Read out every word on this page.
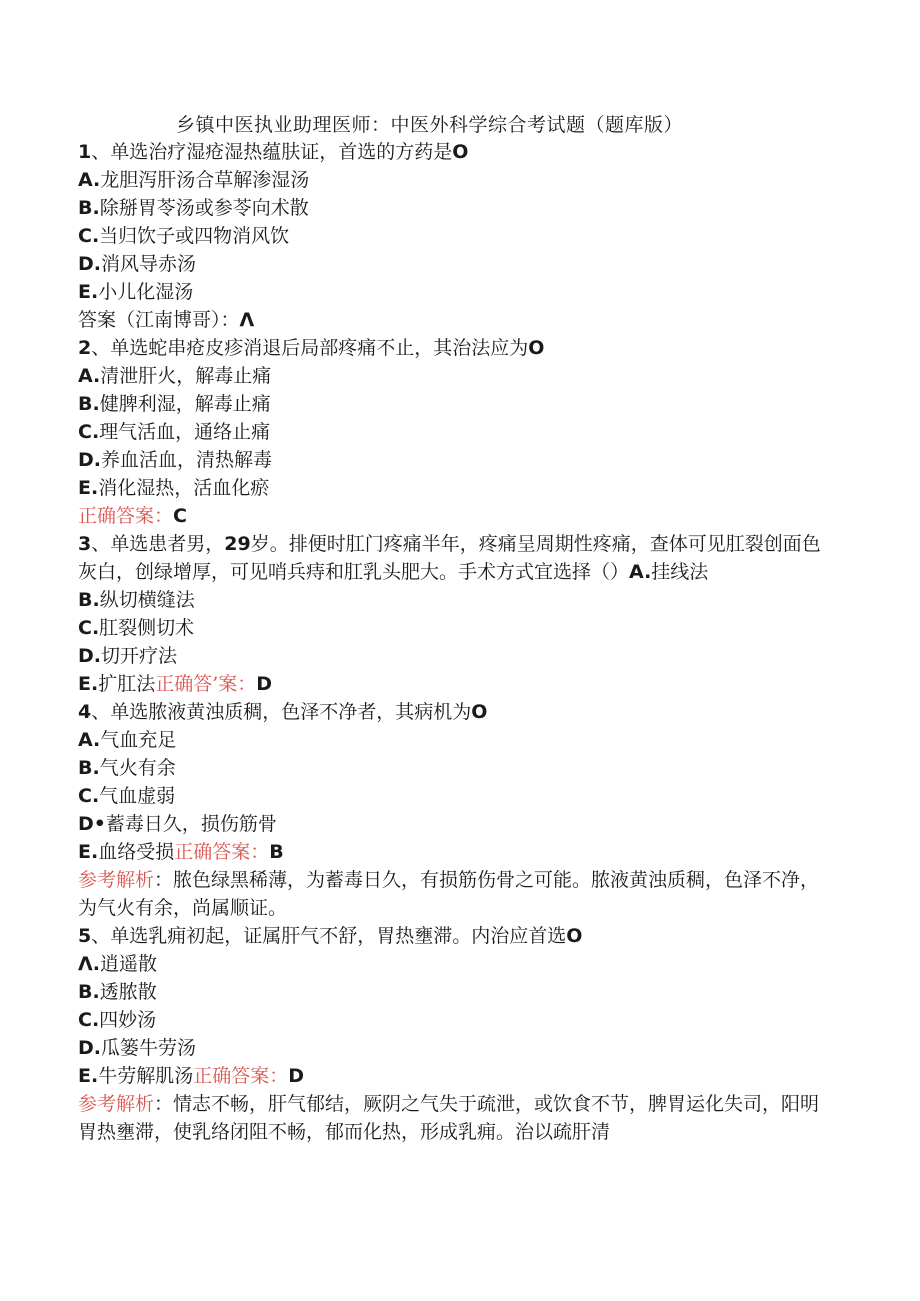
乡镇中医执业助理医师：中医外科学综合考试题（题库版）
1、单选治疗湿疮湿热蕴肤证，首选的方药是O
A.龙胆泻肝汤合草解渗湿汤
B.除掰胃苓汤或参苓向术散
C.当归饮子或四物消风饮
D.消风导赤汤
E.小儿化湿汤
答案（江南博哥）：Λ
2、单选蛇串疮皮疹消退后局部疼痛不止，其治法应为O
A.清泄肝火，解毒止痛
B.健脾利湿，解毒止痛
C.理气活血，通络止痛
D.养血活血，清热解毒
E.消化湿热，活血化瘀
正确答案：C
3、单选患者男，29岁。排便时肛门疼痛半年，疼痛呈周期性疼痛，查体可见肛裂创面色灰白，创绿增厚，可见哨兵痔和肛乳头肥大。手术方式宜选择（）A.挂线法
B.纵切横缝法
C.肛裂侧切术
D.切开疗法
E.扩肛法正确答’案：D
4、单选脓液黄浊质稠，色泽不净者，其病机为O
A.气血充足
B.气火有余
C.气血虚弱
D•蓄毒日久，损伤筋骨
E.血络受损正确答案：B
参考解析：脓色绿黑稀薄，为蓄毒日久，有损筋伤骨之可能。脓液黄浊质稠，色泽不净，为气火有余，尚属顺证。
5、单选乳痈初起，证属肝气不舒，胃热壅滞。内治应首选O
Λ.逍遥散
B.透脓散
C.四妙汤
D.瓜篓牛劳汤
E.牛劳解肌汤正确答案：D
参考解析：情志不畅，肝气郁结，厥阴之气失于疏泄，或饮食不节，脾胃运化失司，阳明胃热壅滞，使乳络闭阻不畅，郁而化热，形成乳痈。治以疏肝清
